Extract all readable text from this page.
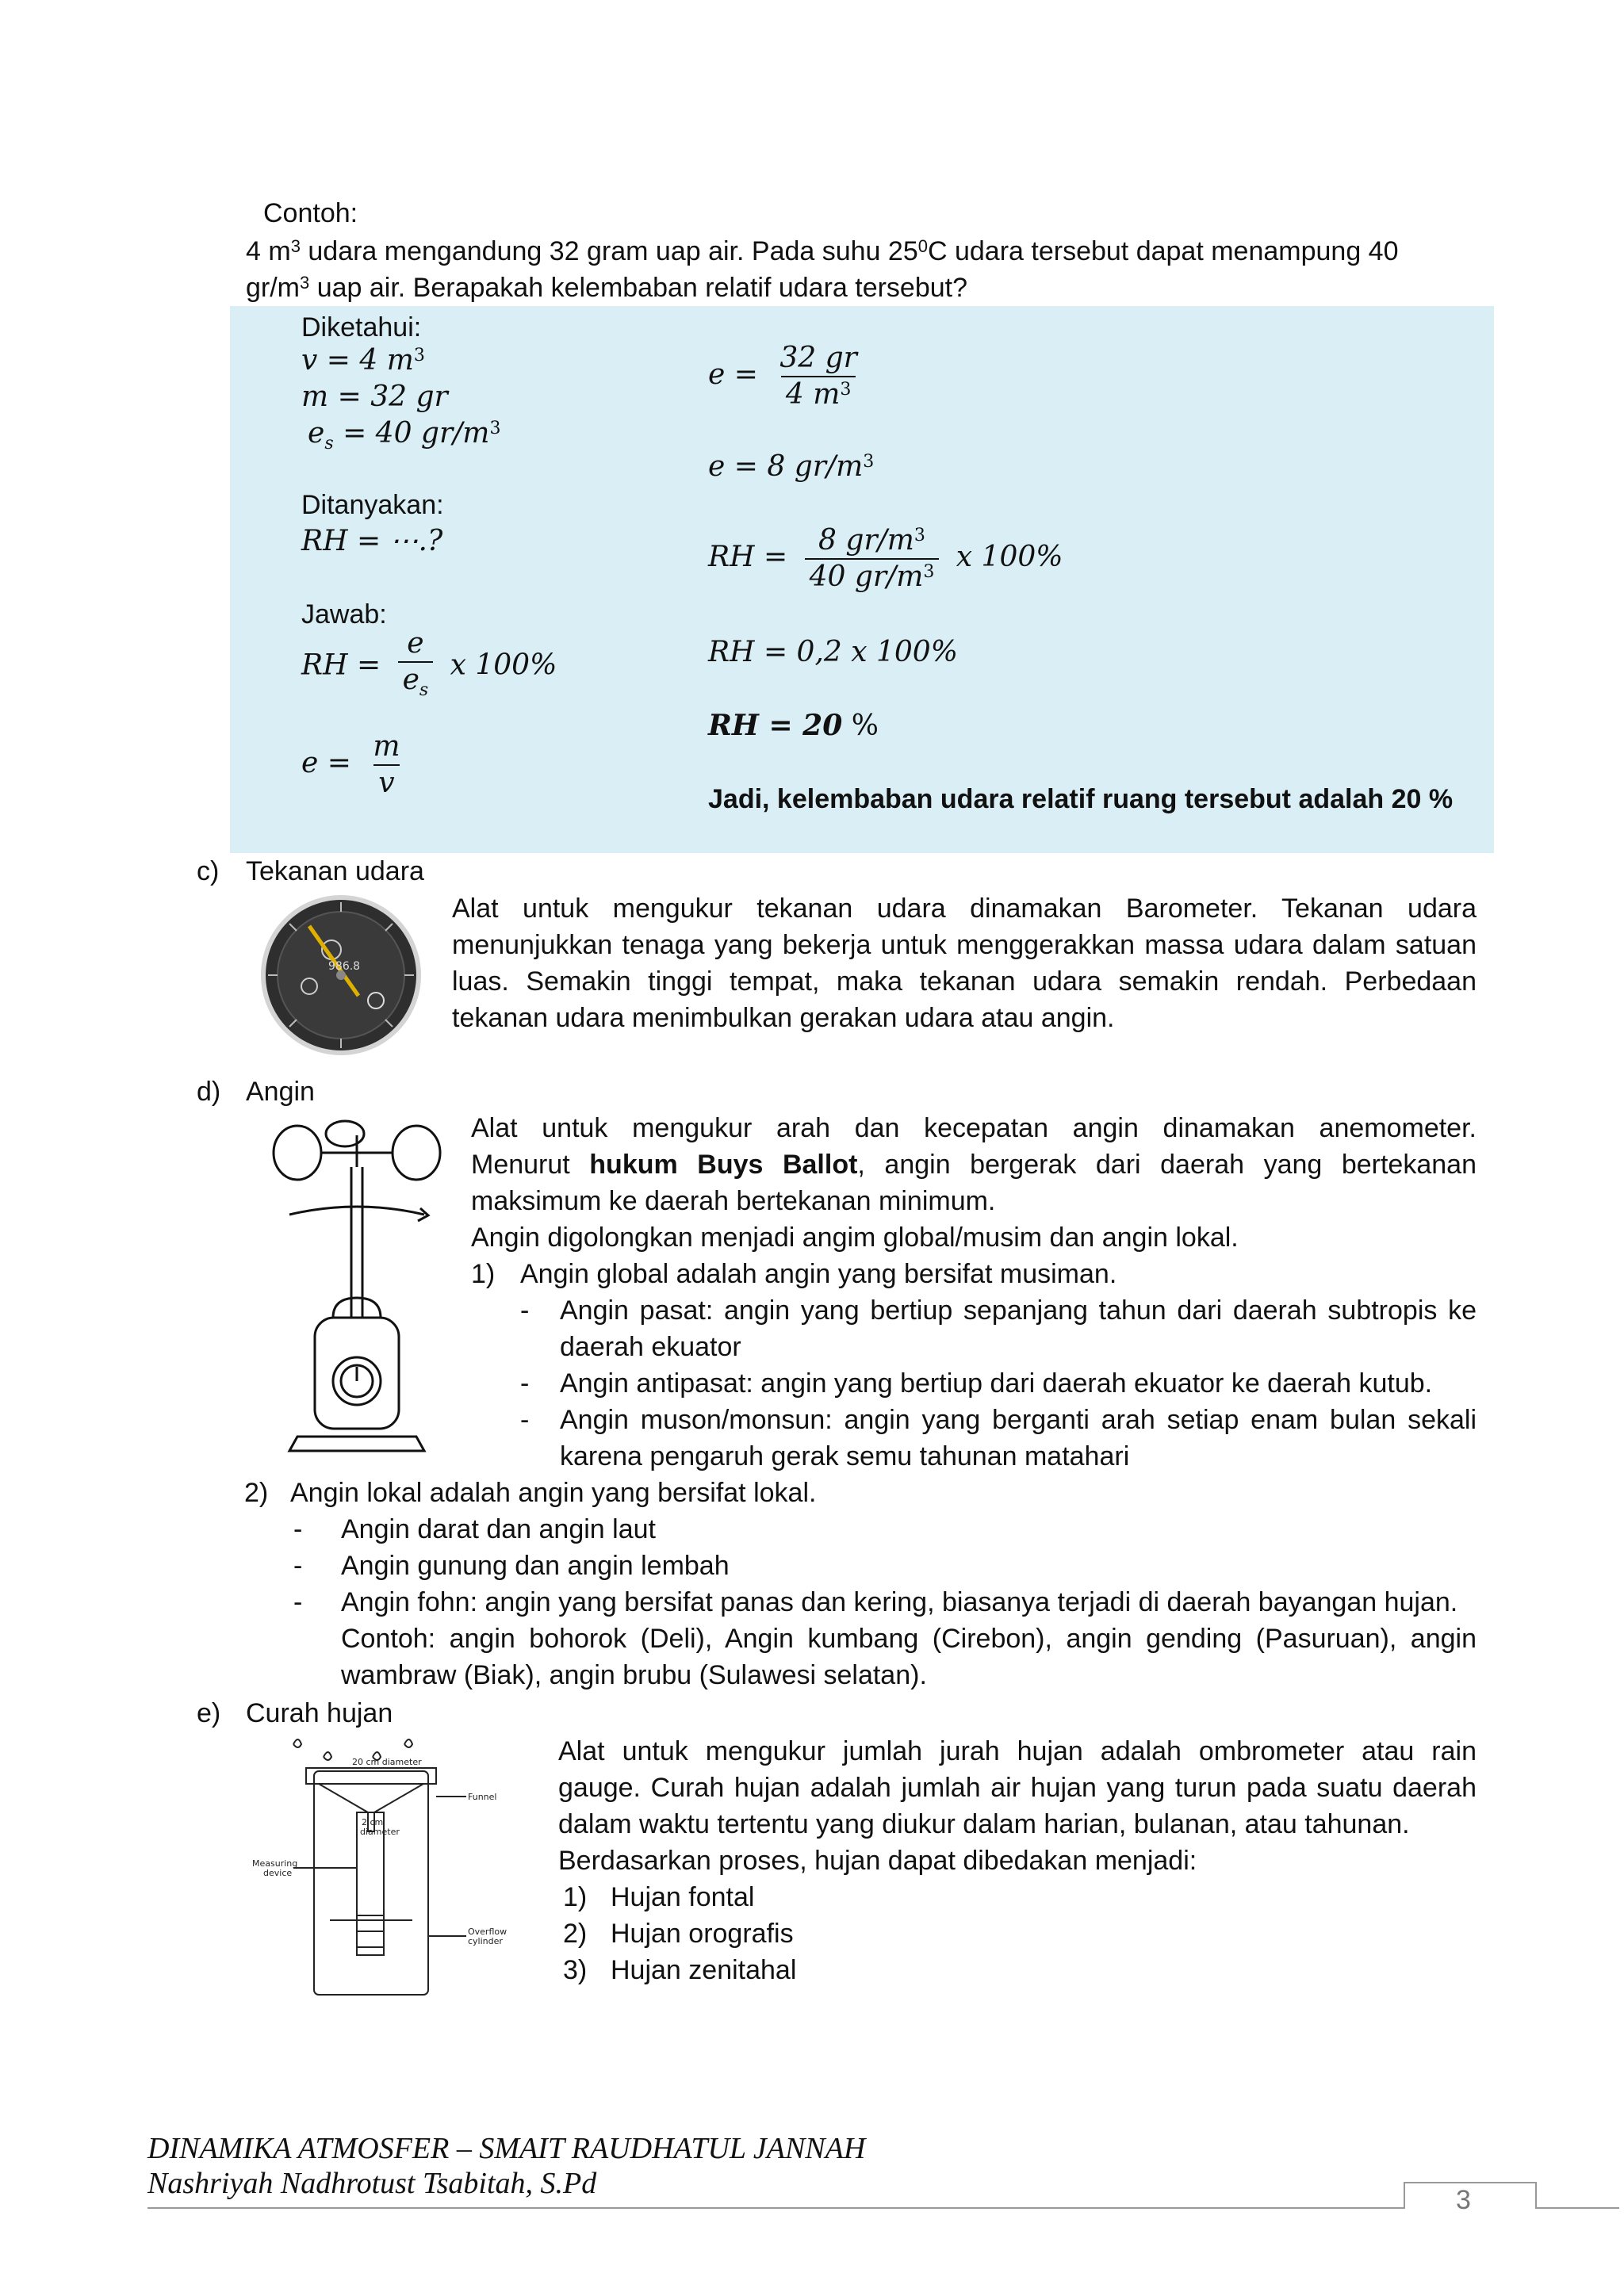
Contoh:
4 $m^3$ udara mengandung 32 gram uap air. Pada suhu $25^0C$ udara tersebut dapat menampung 40
$gr/m^3$ uap air. Berapakah kelembaban relatif udara tersebut?
Diketahui:
v = 4 $m^3$
m = 32 gr
$e_s = 40$ $gr/m^3$
Ditanyakan:
RH = ⋯.?
Jawab:
RH = $\frac{e}{e_s}$ x 100%
$e = \frac{m}{v}$
$e = \frac{32 gr}{4 m^3}$
e = 8 $gr/m^3$
RH = $\frac{8 gr/m^3}{40 gr/m^3}$ x 100%
RH = 0,2 x 100%
RH = 20 %
Jadi, kelembaban udara relatif ruang tersebut adalah 20 %
c) Tekanan udara
986.8
Alat untuk mengukur tekanan udara dinamakan Barometer. Tekanan udara
menunjukkan tenaga yang bekerja untuk menggerakkan massa udara dalam satuan
luas. Semakin tinggi tempat, maka tekanan udara semakin rendah. Perbedaan
tekanan udara menimbulkan gerakan udara atau angin.
d) Angin
Alat untuk mengukur arah dan kecepatan angin dinamakan anemometer.
Menurut hukum Buys Ballot, angin bergerak dari daerah yang bertekanan
maksimum ke daerah bertekanan minimum.
Angin digolongkan menjadi angim global/musim dan angin lokal.
1) Angin global adalah angin yang bersifat musiman.
- Angin pasat: angin yang bertiup sepanjang tahun dari daerah subtropis ke
daerah ekuator
- Angin antipasat: angin yang bertiup dari daerah ekuator ke daerah kutub.
- Angin muson/monsun: angin yang berganti arah setiap enam bulan sekali
karena pengaruh gerak semu tahunan matahari
2) Angin lokal adalah angin yang bersifat lokal.
- Angin darat dan angin laut
- Angin gunung dan angin lembah
- Angin fohn: angin yang bersifat panas dan kering, biasanya terjadi di daerah bayangan hujan.
Contoh: angin bohorok (Deli), Angin kumbang (Cirebon), angin gending (Pasuruan), angin
wambraw (Biak), angin brubu (Sulawesi selatan).
e) Curah hujan
20 cm diameter
Funnel
2 cm
diameter
Measuring
device
Overflow
cylinder
Alat untuk mengukur jumlah jurah hujan adalah ombrometer atau rain
gauge. Curah hujan adalah jumlah air hujan yang turun pada suatu daerah
dalam waktu tertentu yang diukur dalam harian, bulanan, atau tahunan.
Berdasarkan proses, hujan dapat dibedakan menjadi:
1) Hujan fontal
2) Hujan orografis
3) Hujan zenitahal
DINAMIKA ATMOSFER – SMAIT RAUDHATUL JANNAH
Nashriyah Nadhrotust Tsabitah, S.Pd	3
